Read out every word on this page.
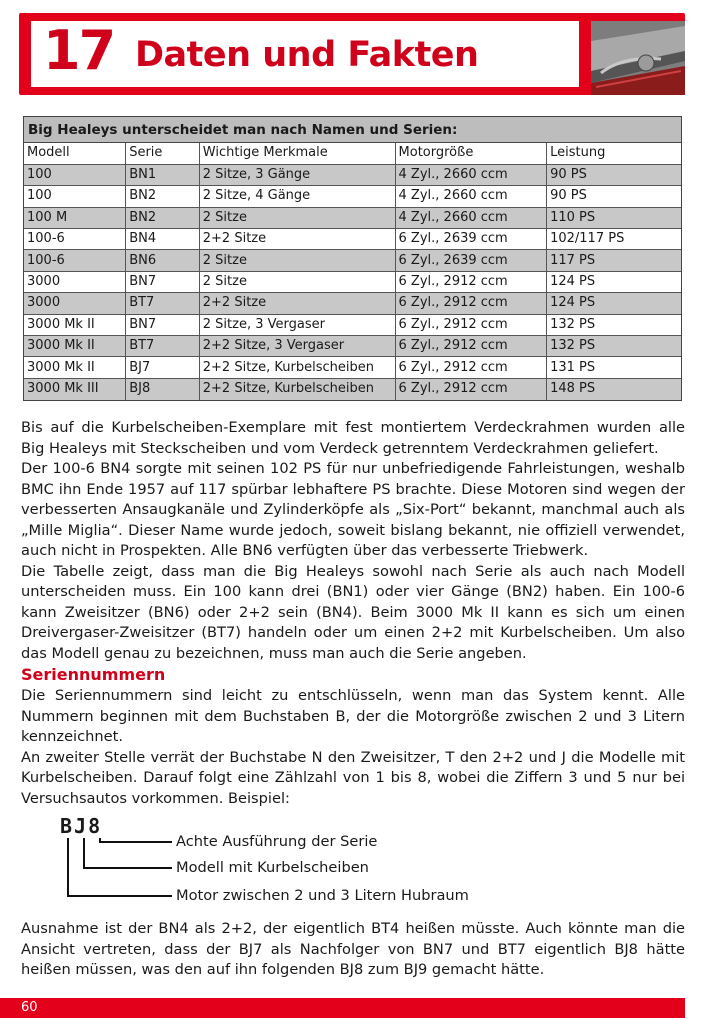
17 Daten und Fakten
Big Healeys unterscheidet man nach Namen und Serien:
Modell	Serie	Wichtige Merkmale	Motorgröße	Leistung
100	BN1	2 Sitze, 3 Gänge	4 Zyl., 2660 ccm	90 PS
100	BN2	2 Sitze, 4 Gänge	4 Zyl., 2660 ccm	90 PS
100 M	BN2	2 Sitze	4 Zyl., 2660 ccm	110 PS
100-6	BN4	2+2 Sitze	6 Zyl., 2639 ccm	102/117 PS
100-6	BN6	2 Sitze	6 Zyl., 2639 ccm	117 PS
3000	BN7	2 Sitze	6 Zyl., 2912 ccm	124 PS
3000	BT7	2+2 Sitze	6 Zyl., 2912 ccm	124 PS
3000 Mk II	BN7	2 Sitze, 3 Vergaser	6 Zyl., 2912 ccm	132 PS
3000 Mk II	BT7	2+2 Sitze, 3 Vergaser	6 Zyl., 2912 ccm	132 PS
3000 Mk II	BJ7	2+2 Sitze, Kurbelscheiben	6 Zyl., 2912 ccm	131 PS
3000 Mk III	BJ8	2+2 Sitze, Kurbelscheiben	6 Zyl., 2912 ccm	148 PS

Bis auf die Kurbelscheiben-Exemplare mit fest montiertem Verdeckrahmen wurden alle Big Healeys mit Steckscheiben und vom Verdeck getrenntem Verdeckrahmen geliefert.

Der 100-6 BN4 sorgte mit seinen 102 PS für nur unbefriedigende Fahrleistungen, weshalb BMC ihn Ende 1957 auf 117 spürbar lebhaftere PS brachte. Diese Motoren sind wegen der verbesserten Ansaugkanäle und Zylinderköpfe als „Six-Port“ bekannt, manchmal auch als „Mille Miglia“. Dieser Name wurde jedoch, soweit bislang bekannt, nie offiziell verwendet, auch nicht in Prospekten. Alle BN6 verfügten über das verbesserte Triebwerk.

Die Tabelle zeigt, dass man die Big Healeys sowohl nach Serie als auch nach Modell unterscheiden muss. Ein 100 kann drei (BN1) oder vier Gänge (BN2) haben. Ein 100-6 kann Zweisitzer (BN6) oder 2+2 sein (BN4). Beim 3000 Mk II kann es sich um einen Dreivergaser-Zweisitzer (BT7) handeln oder um einen 2+2 mit Kurbelscheiben. Um also das Modell genau zu bezeichnen, muss man auch die Serie angeben.

Seriennummern

Die Seriennummern sind leicht zu entschlüsseln, wenn man das System kennt. Alle Nummern beginnen mit dem Buchstaben B, der die Motorgröße zwischen 2 und 3 Litern kennzeichnet.

An zweiter Stelle verrät der Buchstabe N den Zweisitzer, T den 2+2 und J die Modelle mit Kurbelscheiben. Darauf folgt eine Zählzahl von 1 bis 8, wobei die Ziffern 3 und 5 nur bei Versuchsautos vorkommen. Beispiel:

BJ8
Achte Ausführung der Serie
Modell mit Kurbelscheiben
Motor zwischen 2 und 3 Litern Hubraum

Ausnahme ist der BN4 als 2+2, der eigentlich BT4 heißen müsste. Auch könnte man die Ansicht vertreten, dass der BJ7 als Nachfolger von BN7 und BT7 eigentlich BJ8 hätte heißen müssen, was den auf ihn folgenden BJ8 zum BJ9 gemacht hätte.

60
